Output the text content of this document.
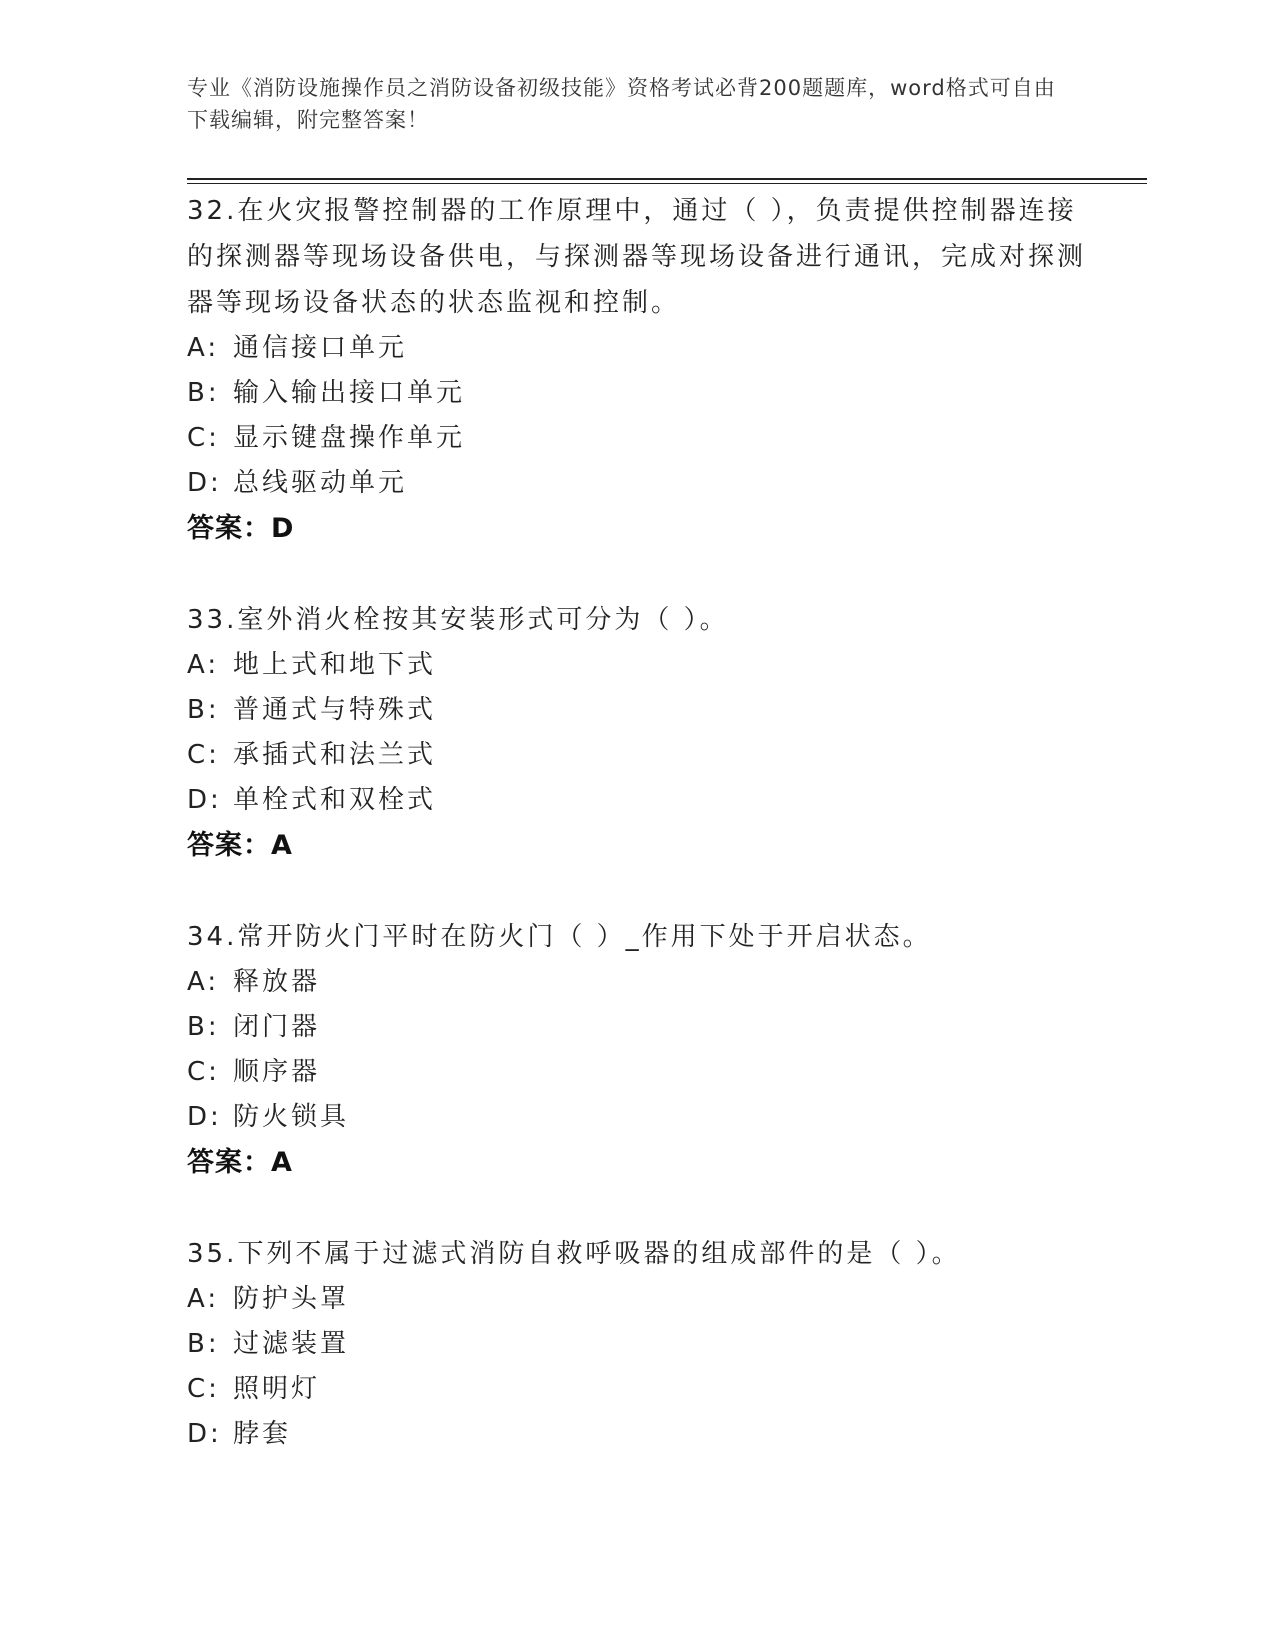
专业《消防设施操作员之消防设备初级技能》资格考试必背200题题库，word格式可自由下载编辑，附完整答案！

32.在火灾报警控制器的工作原理中，通过（ ），负责提供控制器连接的探测器等现场设备供电，与探测器等现场设备进行通讯，完成对探测器等现场设备状态的状态监视和控制。

A: 通信接口单元
B: 输入输出接口单元
C: 显示键盘操作单元
D: 总线驱动单元
答案：D

33.室外消火栓按其安装形式可分为（ ）。

A: 地上式和地下式
B: 普通式与特殊式
C: 承插式和法兰式
D: 单栓式和双栓式
答案：A

34.常开防火门平时在防火门（ ）_作用下处于开启状态。

A: 释放器
B: 闭门器
C: 顺序器
D: 防火锁具
答案：A

35.下列不属于过滤式消防自救呼吸器的组成部件的是（ ）。

A: 防护头罩
B: 过滤装置
C: 照明灯
D: 脖套
